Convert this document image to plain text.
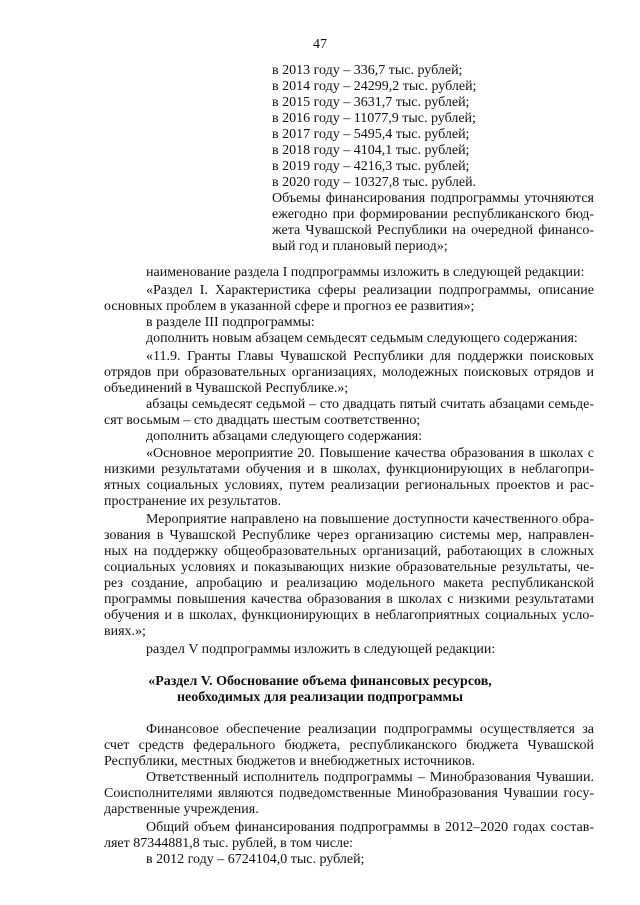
47
в 2013 году – 336,7 тыс. рублей;
в 2014 году – 24299,2 тыс. рублей;
в 2015 году – 3631,7 тыс. рублей;
в 2016 году – 11077,9 тыс. рублей;
в 2017 году – 5495,4 тыс. рублей;
в 2018 году – 4104,1 тыс. рублей;
в 2019 году – 4216,3 тыс. рублей;
в 2020 году – 10327,8 тыс. рублей.
Объемы финансирования подпрограммы уточняются
ежегодно при формировании республиканского бюд-
жета Чувашской Республики на очередной финансо-
вый год и плановый период»;
наименование раздела I подпрограммы изложить в следующей редакции:
«Раздел I. Характеристика сферы реализации подпрограммы, описание
основных проблем в указанной сфере и прогноз ее развития»;
в разделе III подпрограммы:
дополнить новым абзацем семьдесят седьмым следующего содержания:
«11.9. Гранты Главы Чувашской Республики для поддержки поисковых
отрядов при образовательных организациях, молодежных поисковых отрядов и
объединений в Чувашской Республике.»;
абзацы семьдесят седьмой – сто двадцать пятый считать абзацами семьде-
сят восьмым – сто двадцать шестым соответственно;
дополнить абзацами следующего содержания:
«Основное мероприятие 20. Повышение качества образования в школах с
низкими результатами обучения и в школах, функционирующих в неблагопри-
ятных социальных условиях, путем реализации региональных проектов и рас-
пространение их результатов.
Мероприятие направлено на повышение доступности качественного обра-
зования в Чувашской Республике через организацию системы мер, направлен-
ных на поддержку общеобразовательных организаций, работающих в сложных
социальных условиях и показывающих низкие образовательные результаты, че-
рез создание, апробацию и реализацию модельного макета республиканской
программы повышения качества образования в школах с низкими результатами
обучения и в школах, функционирующих в неблагоприятных социальных усло-
виях.»;
раздел V подпрограммы изложить в следующей редакции:
«Раздел V. Обоснование объема финансовых ресурсов,
необходимых для реализации подпрограммы
Финансовое обеспечение реализации подпрограммы осуществляется за
счет средств федерального бюджета, республиканского бюджета Чувашской
Республики, местных бюджетов и внебюджетных источников.
Ответственный исполнитель подпрограммы – Минобразования Чувашии.
Соисполнителями являются подведомственные Минобразования Чувашии госу-
дарственные учреждения.
Общий объем финансирования подпрограммы в 2012–2020 годах состав-
ляет 87344881,8 тыс. рублей, в том числе:
в 2012 году – 6724104,0 тыс. рублей;
